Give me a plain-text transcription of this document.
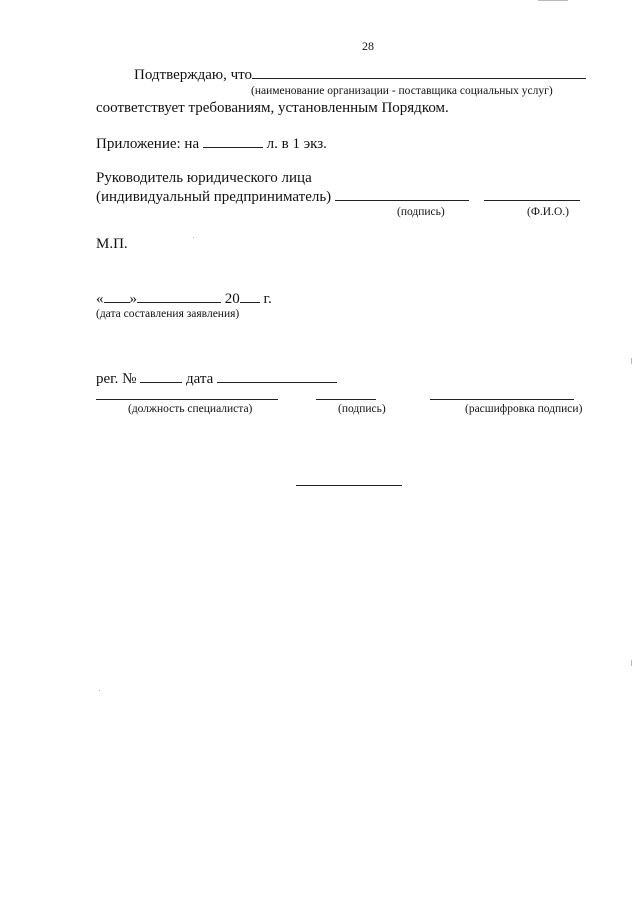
28
Подтверждаю, что
(наименование организации - поставщика социальных услуг)
соответствует требованиям, установленным Порядком.
Приложение: на	л. в 1 экз.
Руководитель юридического лица
(индивидуальный предприниматель)
(подпись)	(Ф.И.О.)
М.П.
« »	20 г.
(дата составления заявления)
рег. №	дата
(должность специалиста)	(подпись)	(расшифровка подписи)
